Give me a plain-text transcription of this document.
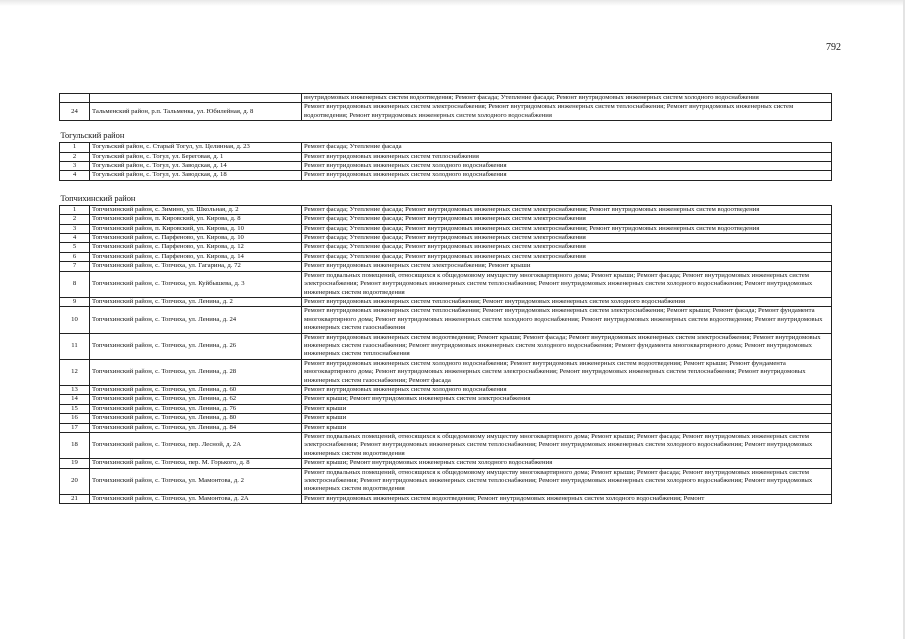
792
		внутридомовых инженерных систем водоотведения; Ремонт фасада; Утепление фасада; Ремонт внутридомовых инженерных систем холодного водоснабжения
24	Тальменский район, р.п. Тальменка, ул. Юбилейная, д. 8	Ремонт внутридомовых инженерных систем электроснабжения; Ремонт внутридомовых инженерных систем теплоснабжения; Ремонт внутридомовых инженерных систем водоотведения; Ремонт внутридомовых инженерных систем холодного водоснабжения

Тогульский район		
1	Тогульский район, с. Старый Тогул, ул. Целинная, д. 23	Ремонт фасада; Утепление фасада
2	Тогульский район, с. Тогул, ул. Береговая, д. 1	Ремонт внутридомовых инженерных систем теплоснабжения
3	Тогульский район, с. Тогул, ул. Заводская, д. 14	Ремонт внутридомовых инженерных систем холодного водоснабжения
4	Тогульский район, с. Тогул, ул. Заводская, д. 18	Ремонт внутридомовых инженерных систем холодного водоснабжения

Топчихинский район		
1	Топчихинский район, с. Зимино, ул. Школьная, д. 2	Ремонт фасада; Утепление фасада; Ремонт внутридомовых инженерных систем электроснабжения; Ремонт внутридомовых инженерных систем водоотведения
2	Топчихинский район, п. Кировский, ул. Кирова, д. 8	Ремонт фасада; Утепление фасада; Ремонт внутридомовых инженерных систем электроснабжения
3	Топчихинский район, п. Кировский, ул. Кирова, д. 10	Ремонт фасада; Утепление фасада; Ремонт внутридомовых инженерных систем электроснабжения; Ремонт внутридомовых инженерных систем водоотведения
4	Топчихинский район, с. Парфеново, ул. Кирова, д. 10	Ремонт фасада; Утепление фасада; Ремонт внутридомовых инженерных систем электроснабжения
5	Топчихинский район, с. Парфеново, ул. Кирова, д. 12	Ремонт фасада; Утепление фасада; Ремонт внутридомовых инженерных систем электроснабжения
6	Топчихинский район, с. Парфеново, ул. Кирова, д. 14	Ремонт фасада; Утепление фасада; Ремонт внутридомовых инженерных систем электроснабжения
7	Топчихинский район, с. Топчиха, ул. Гагарина, д. 72	Ремонт внутридомовых инженерных систем электроснабжения; Ремонт крыши
8	Топчихинский район, с. Топчиха, ул. Куйбышева, д. 3	Ремонт подвальных помещений, относящихся к общедомовому имуществу многоквартирного дома; Ремонт крыши; Ремонт фасада; Ремонт внутридомовых инженерных систем электроснабжения; Ремонт внутридомовых инженерных систем теплоснабжения; Ремонт внутридомовых инженерных систем холодного водоснабжения; Ремонт внутридомовых инженерных систем водоотведения
9	Топчихинский район, с. Топчиха, ул. Ленина, д. 2	Ремонт внутридомовых инженерных систем теплоснабжения; Ремонт внутридомовых инженерных систем холодного водоснабжения
10	Топчихинский район, с. Топчиха, ул. Ленина, д. 24	Ремонт внутридомовых инженерных систем теплоснабжения; Ремонт внутридомовых инженерных систем электроснабжения; Ремонт крыши; Ремонт фасада; Ремонт фундамента многоквартирного дома; Ремонт внутридомовых инженерных систем холодного водоснабжения; Ремонт внутридомовых инженерных систем водоотведения; Ремонт внутридомовых инженерных систем газоснабжения
11	Топчихинский район, с. Топчиха, ул. Ленина, д. 26	Ремонт внутридомовых инженерных систем водоотведения; Ремонт крыши; Ремонт фасада; Ремонт внутридомовых инженерных систем электроснабжения; Ремонт внутридомовых инженерных систем газоснабжения; Ремонт внутридомовых инженерных систем холодного водоснабжения; Ремонт фундамента многоквартирного дома; Ремонт внутридомовых инженерных систем теплоснабжения
12	Топчихинский район, с. Топчиха, ул. Ленина, д. 28	Ремонт внутридомовых инженерных систем холодного водоснабжения; Ремонт внутридомовых инженерных систем водоотведения; Ремонт крыши; Ремонт фундамента многоквартирного дома; Ремонт внутридомовых инженерных систем электроснабжения; Ремонт внутридомовых инженерных систем теплоснабжения; Ремонт внутридомовых инженерных систем газоснабжения; Ремонт фасада
13	Топчихинский район, с. Топчиха, ул. Ленина, д. 60	Ремонт внутридомовых инженерных систем холодного водоснабжения
14	Топчихинский район, с. Топчиха, ул. Ленина, д. 62	Ремонт крыши; Ремонт внутридомовых инженерных систем электроснабжения
15	Топчихинский район, с. Топчиха, ул. Ленина, д. 76	Ремонт крыши
16	Топчихинский район, с. Топчиха, ул. Ленина, д. 80	Ремонт крыши
17	Топчихинский район, с. Топчиха, ул. Ленина, д. 84	Ремонт крыши
18	Топчихинский район, с. Топчиха, пер. Лесной, д. 2А	Ремонт подвальных помещений, относящихся к общедомовому имуществу многоквартирного дома; Ремонт крыши; Ремонт фасада; Ремонт внутридомовых инженерных систем электроснабжения; Ремонт внутридомовых инженерных систем теплоснабжения; Ремонт внутридомовых инженерных систем холодного водоснабжения; Ремонт внутридомовых инженерных систем водоотведения
19	Топчихинский район, с. Топчиха, пер. М. Горького, д. 8	Ремонт крыши; Ремонт внутридомовых инженерных систем холодного водоснабжения
20	Топчихинский район, с. Топчиха, ул. Мамонтова, д. 2	Ремонт подвальных помещений, относящихся к общедомовому имуществу многоквартирного дома; Ремонт крыши; Ремонт фасада; Ремонт внутридомовых инженерных систем электроснабжения; Ремонт внутридомовых инженерных систем теплоснабжения; Ремонт внутридомовых инженерных систем холодного водоснабжения; Ремонт внутридомовых инженерных систем водоотведения
21	Топчихинский район, с. Топчиха, ул. Мамонтова, д. 2А	Ремонт внутридомовых инженерных систем водоотведения; Ремонт внутридомовых инженерных систем холодного водоснабжения; Ремонт
